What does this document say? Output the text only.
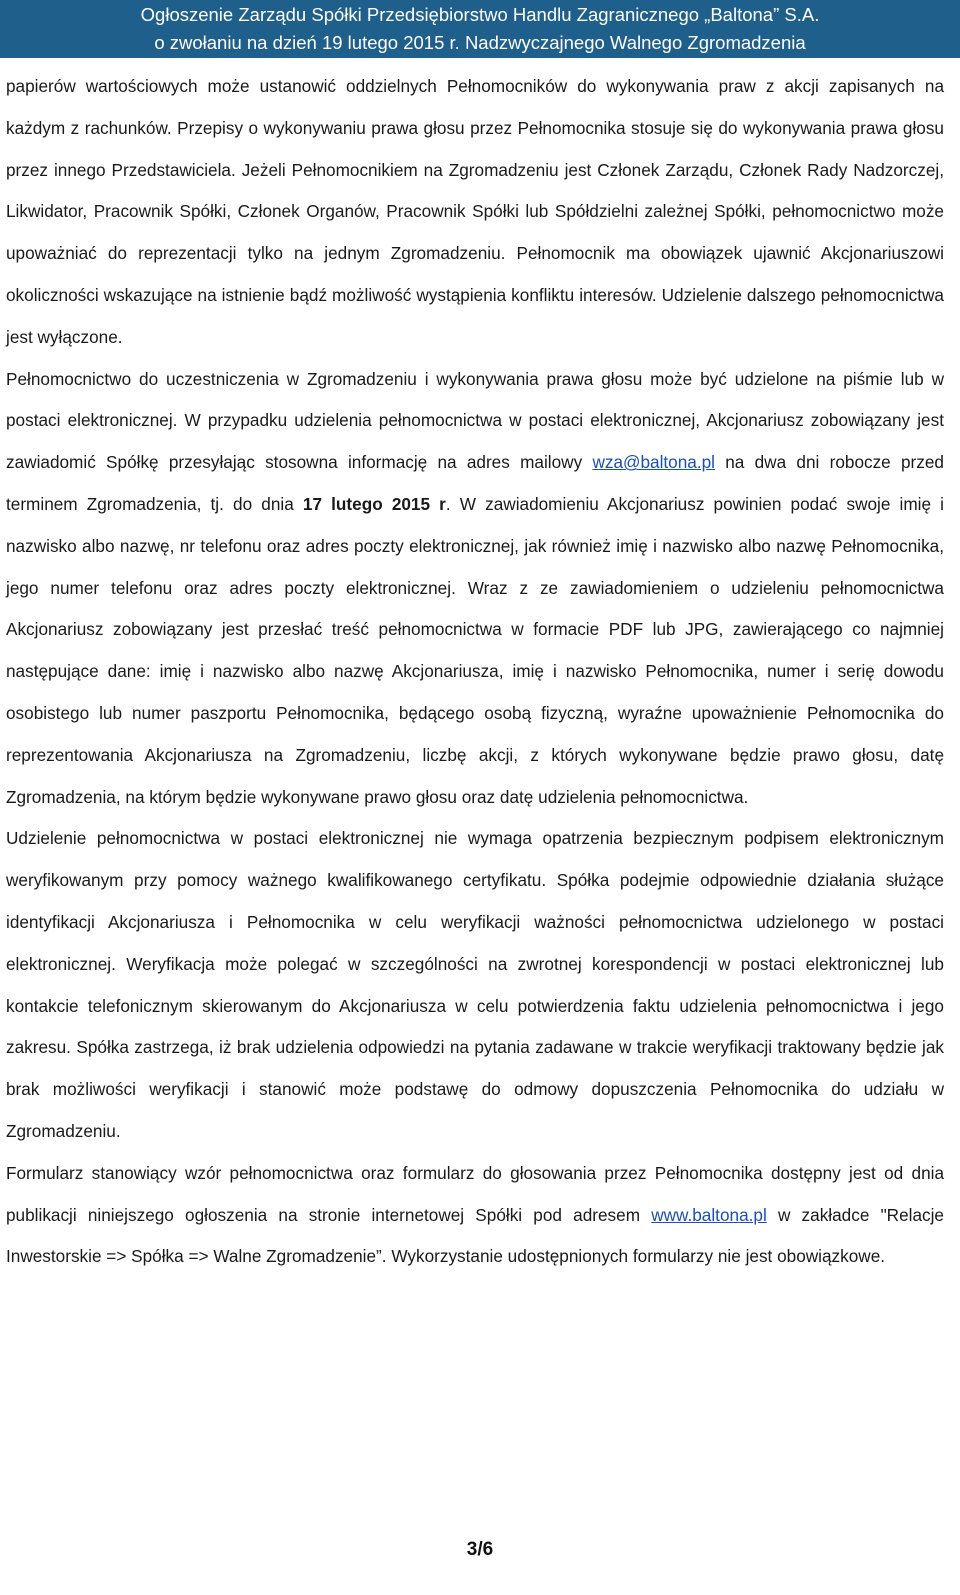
Ogłoszenie Zarządu Spółki Przedsiębiorstwo Handlu Zagranicznego „Baltona” S.A.
o zwołaniu na dzień 19 lutego 2015 r. Nadzwyczajnego Walnego Zgromadzenia

papierów wartościowych może ustanowić oddzielnych Pełnomocników do wykonywania praw z akcji zapisanych na każdym z rachunków. Przepisy o wykonywaniu prawa głosu przez Pełnomocnika stosuje się do wykonywania prawa głosu przez innego Przedstawiciela. Jeżeli Pełnomocnikiem na Zgromadzeniu jest Członek Zarządu, Członek Rady Nadzorczej, Likwidator, Pracownik Spółki, Członek Organów, Pracownik Spółki lub Spółdzielni zależnej Spółki, pełnomocnictwo może upoważniać do reprezentacji tylko na jednym Zgromadzeniu. Pełnomocnik ma obowiązek ujawnić Akcjonariuszowi okoliczności wskazujące na istnienie bądź możliwość wystąpienia konfliktu interesów. Udzielenie dalszego pełnomocnictwa jest wyłączone.

Pełnomocnictwo do uczestniczenia w Zgromadzeniu i wykonywania prawa głosu może być udzielone na piśmie lub w postaci elektronicznej. W przypadku udzielenia pełnomocnictwa w postaci elektronicznej, Akcjonariusz zobowiązany jest zawiadomić Spółkę przesyłając stosowna informację na adres mailowy wza@baltona.pl na dwa dni robocze przed terminem Zgromadzenia, tj. do dnia 17 lutego 2015 r. W zawiadomieniu Akcjonariusz powinien podać swoje imię i nazwisko albo nazwę, nr telefonu oraz adres poczty elektronicznej, jak również imię i nazwisko albo nazwę Pełnomocnika, jego numer telefonu oraz adres poczty elektronicznej. Wraz z ze zawiadomieniem o udzieleniu pełnomocnictwa Akcjonariusz zobowiązany jest przesłać treść pełnomocnictwa w formacie PDF lub JPG, zawierającego co najmniej następujące dane: imię i nazwisko albo nazwę Akcjonariusza, imię i nazwisko Pełnomocnika, numer i serię dowodu osobistego lub numer paszportu Pełnomocnika, będącego osobą fizyczną, wyraźne upoważnienie Pełnomocnika do reprezentowania Akcjonariusza na Zgromadzeniu, liczbę akcji, z których wykonywane będzie prawo głosu, datę Zgromadzenia, na którym będzie wykonywane prawo głosu oraz datę udzielenia pełnomocnictwa.

Udzielenie pełnomocnictwa w postaci elektronicznej nie wymaga opatrzenia bezpiecznym podpisem elektronicznym weryfikowanym przy pomocy ważnego kwalifikowanego certyfikatu. Spółka podejmie odpowiednie działania służące identyfikacji Akcjonariusza i Pełnomocnika w celu weryfikacji ważności pełnomocnictwa udzielonego w postaci elektronicznej. Weryfikacja może polegać w szczególności na zwrotnej korespondencji w postaci elektronicznej lub kontakcie telefonicznym skierowanym do Akcjonariusza w celu potwierdzenia faktu udzielenia pełnomocnictwa i jego zakresu. Spółka zastrzega, iż brak udzielenia odpowiedzi na pytania zadawane w trakcie weryfikacji traktowany będzie jak brak możliwości weryfikacji i stanowić może podstawę do odmowy dopuszczenia Pełnomocnika do udziału w Zgromadzeniu.

Formularz stanowiący wzór pełnomocnictwa oraz formularz do głosowania przez Pełnomocnika dostępny jest od dnia publikacji niniejszego ogłoszenia na stronie internetowej Spółki pod adresem www.baltona.pl w zakładce "Relacje Inwestorskie => Spółka => Walne Zgromadzenie”. Wykorzystanie udostępnionych formularzy nie jest obowiązkowe.

3/6
